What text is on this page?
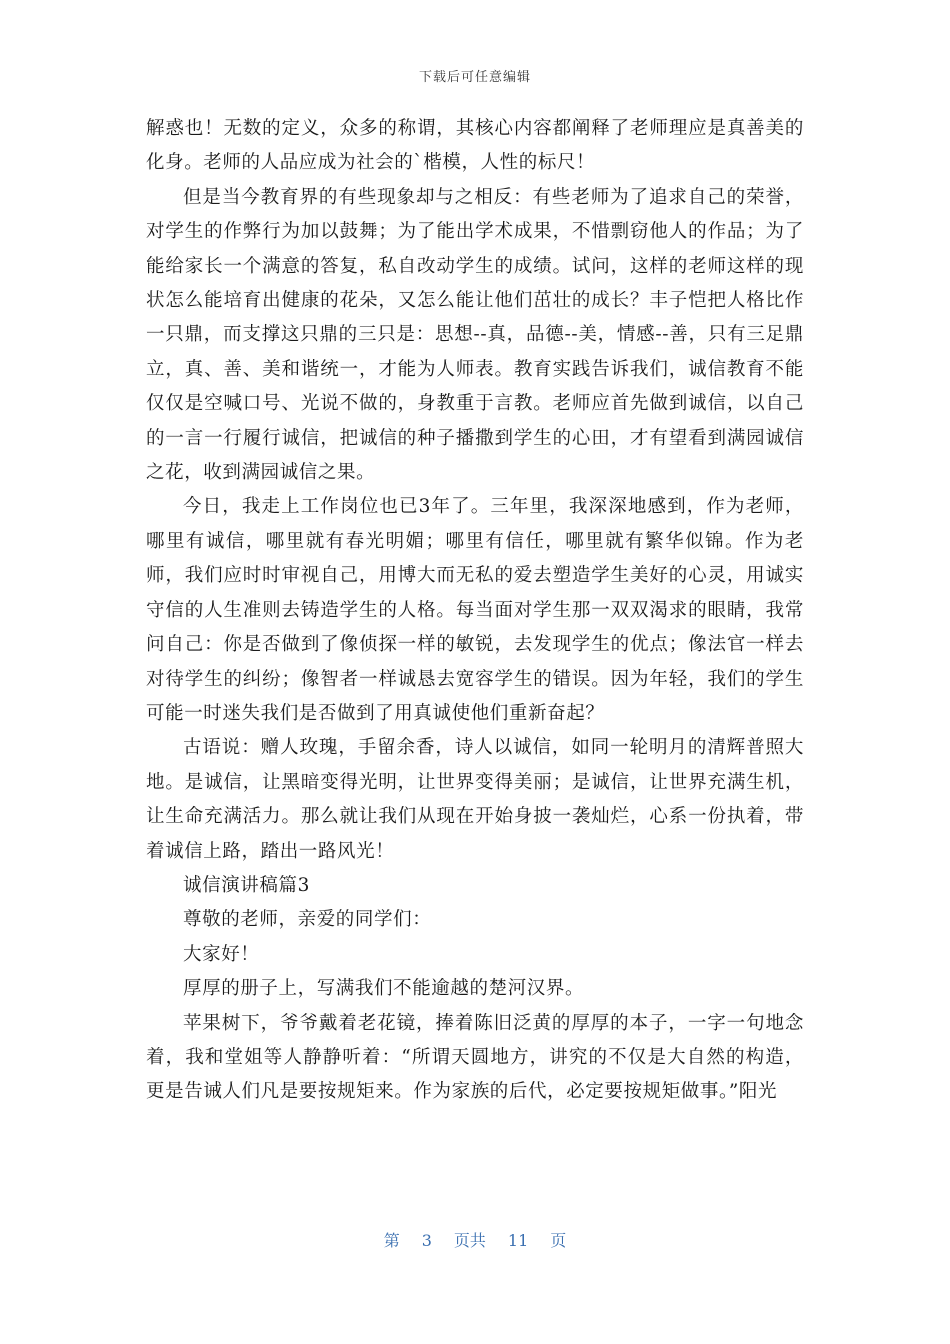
下载后可任意编辑

解惑也！无数的定义，众多的称谓，其核心内容都阐释了老师理应是真善美的化身。老师的人品应成为社会的`楷模，人性的标尺！

但是当今教育界的有些现象却与之相反：有些老师为了追求自己的荣誉，对学生的作弊行为加以鼓舞；为了能出学术成果，不惜剽窃他人的作品；为了能给家长一个满意的答复，私自改动学生的成绩。试问，这样的老师这样的现状怎么能培育出健康的花朵，又怎么能让他们茁壮的成长？丰子恺把人格比作一只鼎，而支撑这只鼎的三只是：思想--真，品德--美，情感--善，只有三足鼎立，真、善、美和谐统一，才能为人师表。教育实践告诉我们，诚信教育不能仅仅是空喊口号、光说不做的，身教重于言教。老师应首先做到诚信，以自己的一言一行履行诚信，把诚信的种子播撒到学生的心田，才有望看到满园诚信之花，收到满园诚信之果。

今日，我走上工作岗位也已3年了。三年里，我深深地感到，作为老师，哪里有诚信，哪里就有春光明媚；哪里有信任，哪里就有繁华似锦。作为老师，我们应时时审视自己，用博大而无私的爱去塑造学生美好的心灵，用诚实守信的人生准则去铸造学生的人格。每当面对学生那一双双渴求的眼睛，我常问自己：你是否做到了像侦探一样的敏锐，去发现学生的优点；像法官一样去对待学生的纠纷；像智者一样诚恳去宽容学生的错误。因为年轻，我们的学生可能一时迷失我们是否做到了用真诚使他们重新奋起？

古语说：赠人玫瑰，手留余香，诗人以诚信，如同一轮明月的清辉普照大地。是诚信，让黑暗变得光明，让世界变得美丽；是诚信，让世界充满生机，让生命充满活力。那么就让我们从现在开始身披一袭灿烂，心系一份执着，带着诚信上路，踏出一路风光！

诚信演讲稿篇3

尊敬的老师，亲爱的同学们：

大家好！

厚厚的册子上，写满我们不能逾越的楚河汉界。

苹果树下，爷爷戴着老花镜，捧着陈旧泛黄的厚厚的本子，一字一句地念着，我和堂姐等人静静听着：“所谓天圆地方，讲究的不仅是大自然的构造，更是告诫人们凡是要按规矩来。作为家族的后代，必定要按规矩做事。”阳光

第 3 页共 11 页
